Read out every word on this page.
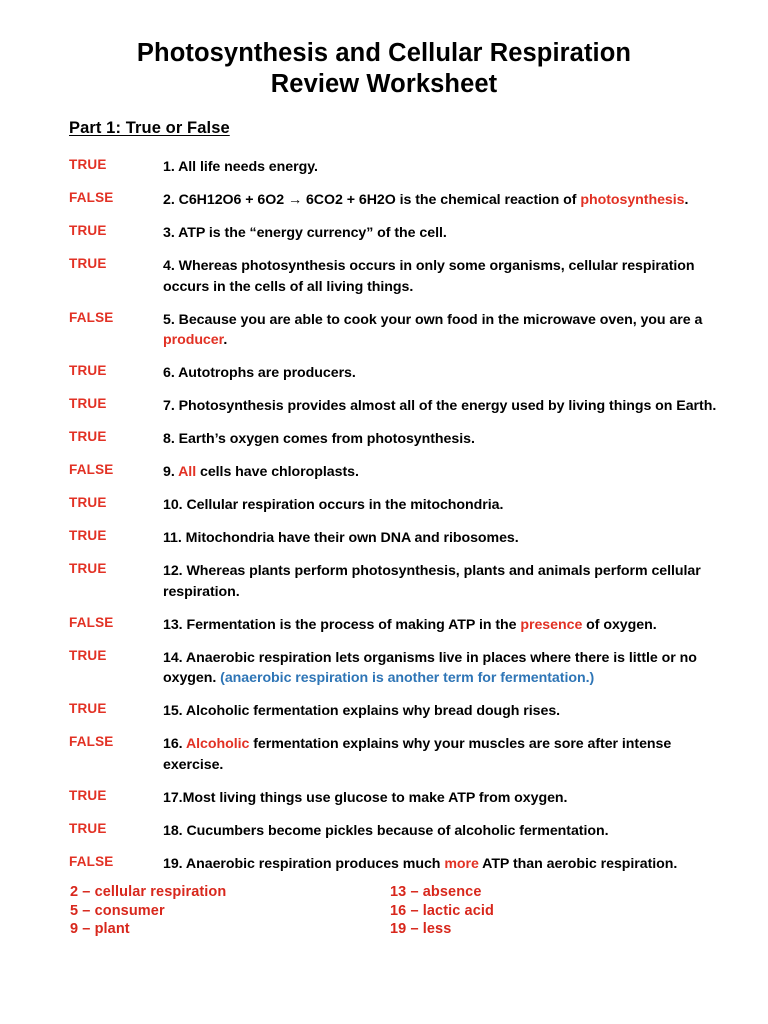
Photosynthesis and Cellular Respiration
Review Worksheet
Part 1: True or False
TRUE	1. All life needs energy.
FALSE	2. C6H12O6 + 6O2 → 6CO2 + 6H2O is the chemical reaction of photosynthesis.
TRUE	3. ATP is the “energy currency” of the cell.
TRUE	4. Whereas photosynthesis occurs in only some organisms, cellular respiration occurs in the cells of all living things.
FALSE	5. Because you are able to cook your own food in the microwave oven, you are a producer.
TRUE	6. Autotrophs are producers.
TRUE	7. Photosynthesis provides almost all of the energy used by living things on Earth.
TRUE	8. Earth’s oxygen comes from photosynthesis.
FALSE	9. All cells have chloroplasts.
TRUE	10. Cellular respiration occurs in the mitochondria.
TRUE	11. Mitochondria have their own DNA and ribosomes.
TRUE	12. Whereas plants perform photosynthesis, plants and animals perform cellular respiration.
FALSE	13. Fermentation is the process of making ATP in the presence of oxygen.
TRUE	14. Anaerobic respiration lets organisms live in places where there is little or no oxygen. (anaerobic respiration is another term for fermentation.)
TRUE	15. Alcoholic fermentation explains why bread dough rises.
FALSE	16. Alcoholic fermentation explains why your muscles are sore after intense exercise.
TRUE	17.Most living things use glucose to make ATP from oxygen.
TRUE	18. Cucumbers become pickles because of alcoholic fermentation.
FALSE	19. Anaerobic respiration produces much more ATP than aerobic respiration.
2 – cellular respiration
5 – consumer
9 – plant
13 – absence
16 – lactic acid
19 – less
